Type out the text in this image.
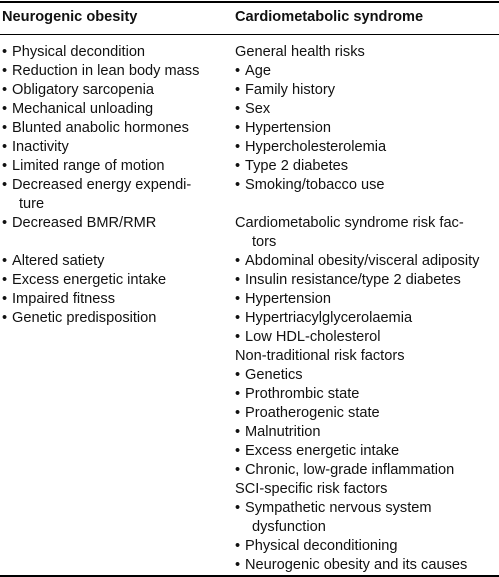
Neurogenic obesity	Cardiometabolic syndrome
• Physical decondition
• Reduction in lean body mass
• Obligatory sarcopenia
• Mechanical unloading
• Blunted anabolic hormones
• Inactivity
• Limited range of motion
• Decreased energy expendi-
ture
• Decreased BMR/RMR
• Altered satiety
• Excess energetic intake
• Impaired fitness
• Genetic predisposition
General health risks
• Age
• Family history
• Sex
• Hypertension
• Hypercholesterolemia
• Type 2 diabetes
• Smoking/tobacco use
Cardiometabolic syndrome risk fac-
tors
• Abdominal obesity/visceral adiposity
• Insulin resistance/type 2 diabetes
• Hypertension
• Hypertriacylglycerolaemia
• Low HDL-cholesterol
Non-traditional risk factors
• Genetics
• Prothrombic state
• Proatherogenic state
• Malnutrition
• Excess energetic intake
• Chronic, low-grade inflammation
SCI-specific risk factors
• Sympathetic nervous system
dysfunction
• Physical deconditioning
• Neurogenic obesity and its causes
